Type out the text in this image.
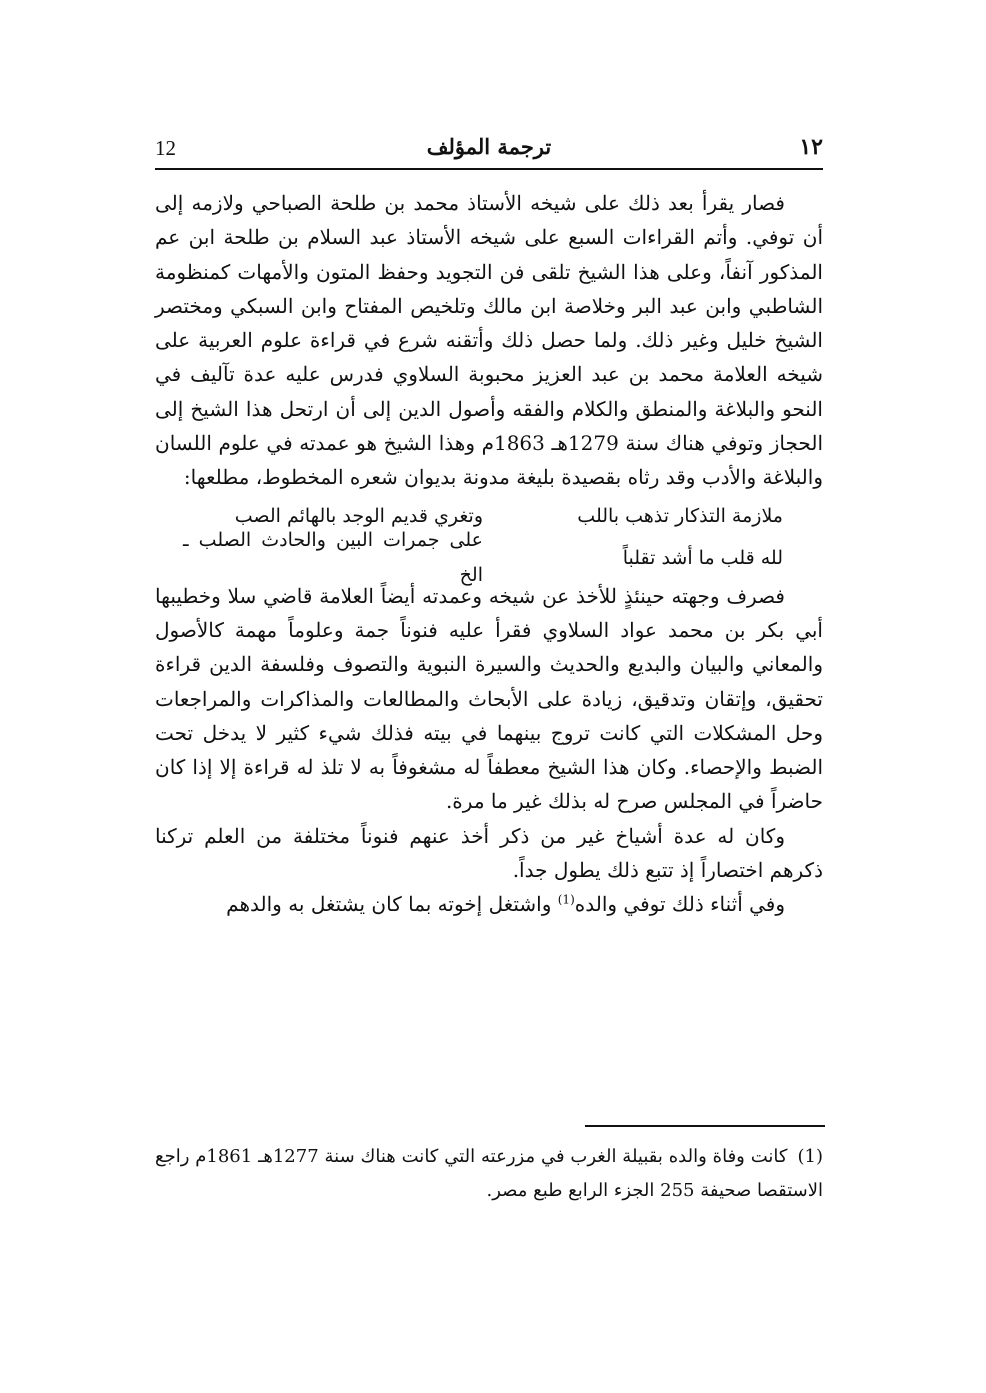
12	ترجمة المؤلف	١٢

فصار يقرأ بعد ذلك على شيخه الأستاذ محمد بن طلحة الصباحي ولازمه إلى أن توفي. وأتم القراءات السبع على شيخه الأستاذ عبد السلام بن طلحة ابن عم المذكور آنفاً، وعلى هذا الشيخ تلقى فن التجويد وحفظ المتون والأمهات كمنظومة الشاطبي وابن عبد البر وخلاصة ابن مالك وتلخيص المفتاح وابن السبكي ومختصر الشيخ خليل وغير ذلك. ولما حصل ذلك وأتقنه شرع في قراءة علوم العربية على شيخه العلامة محمد بن عبد العزيز محبوبة السلاوي فدرس عليه عدة تآليف في النحو والبلاغة والمنطق والكلام والفقه وأصول الدين إلى أن ارتحل هذا الشيخ إلى الحجاز وتوفي هناك سنة 1279هـ 1863م وهذا الشيخ هو عمدته في علوم اللسان والبلاغة والأدب وقد رثاه بقصيدة بليغة مدونة بديوان شعره المخطوط، مطلعها:

ملازمة التذكار تذهب باللب
وتغري قديم الوجد بالهائم الصب
لله قلب ما أشد تقلباً
على جمرات البين والحادث الصلب ـ الخ

فصرف وجهته حينئذٍ للأخذ عن شيخه وعمدته أيضاً العلامة قاضي سلا وخطيبها أبي بكر بن محمد عواد السلاوي فقرأ عليه فنوناً جمة وعلوماً مهمة كالأصول والمعاني والبيان والبديع والحديث والسيرة النبوية والتصوف وفلسفة الدين قراءة تحقيق، وإتقان وتدقيق، زيادة على الأبحاث والمطالعات والمذاكرات والمراجعات وحل المشكلات التي كانت تروج بينهما في بيته فذلك شيء كثير لا يدخل تحت الضبط والإحصاء. وكان هذا الشيخ معطفاً له مشغوفاً به لا تلذ له قراءة إلا إذا كان حاضراً في المجلس صرح له بذلك غير ما مرة.

وكان له عدة أشياخ غير من ذكر أخذ عنهم فنوناً مختلفة من العلم تركنا ذكرهم اختصاراً إذ تتبع ذلك يطول جداً.

وفي أثناء ذلك توفي والده$^{(1)}$ واشتغل إخوته بما كان يشتغل به والدهم

(1)كانت وفاة والده بقبيلة الغرب في مزرعته التي كانت هناك سنة 1277هـ 1861م راجع الاستقصا صحيفة 255 الجزء الرابع طبع مصر.
